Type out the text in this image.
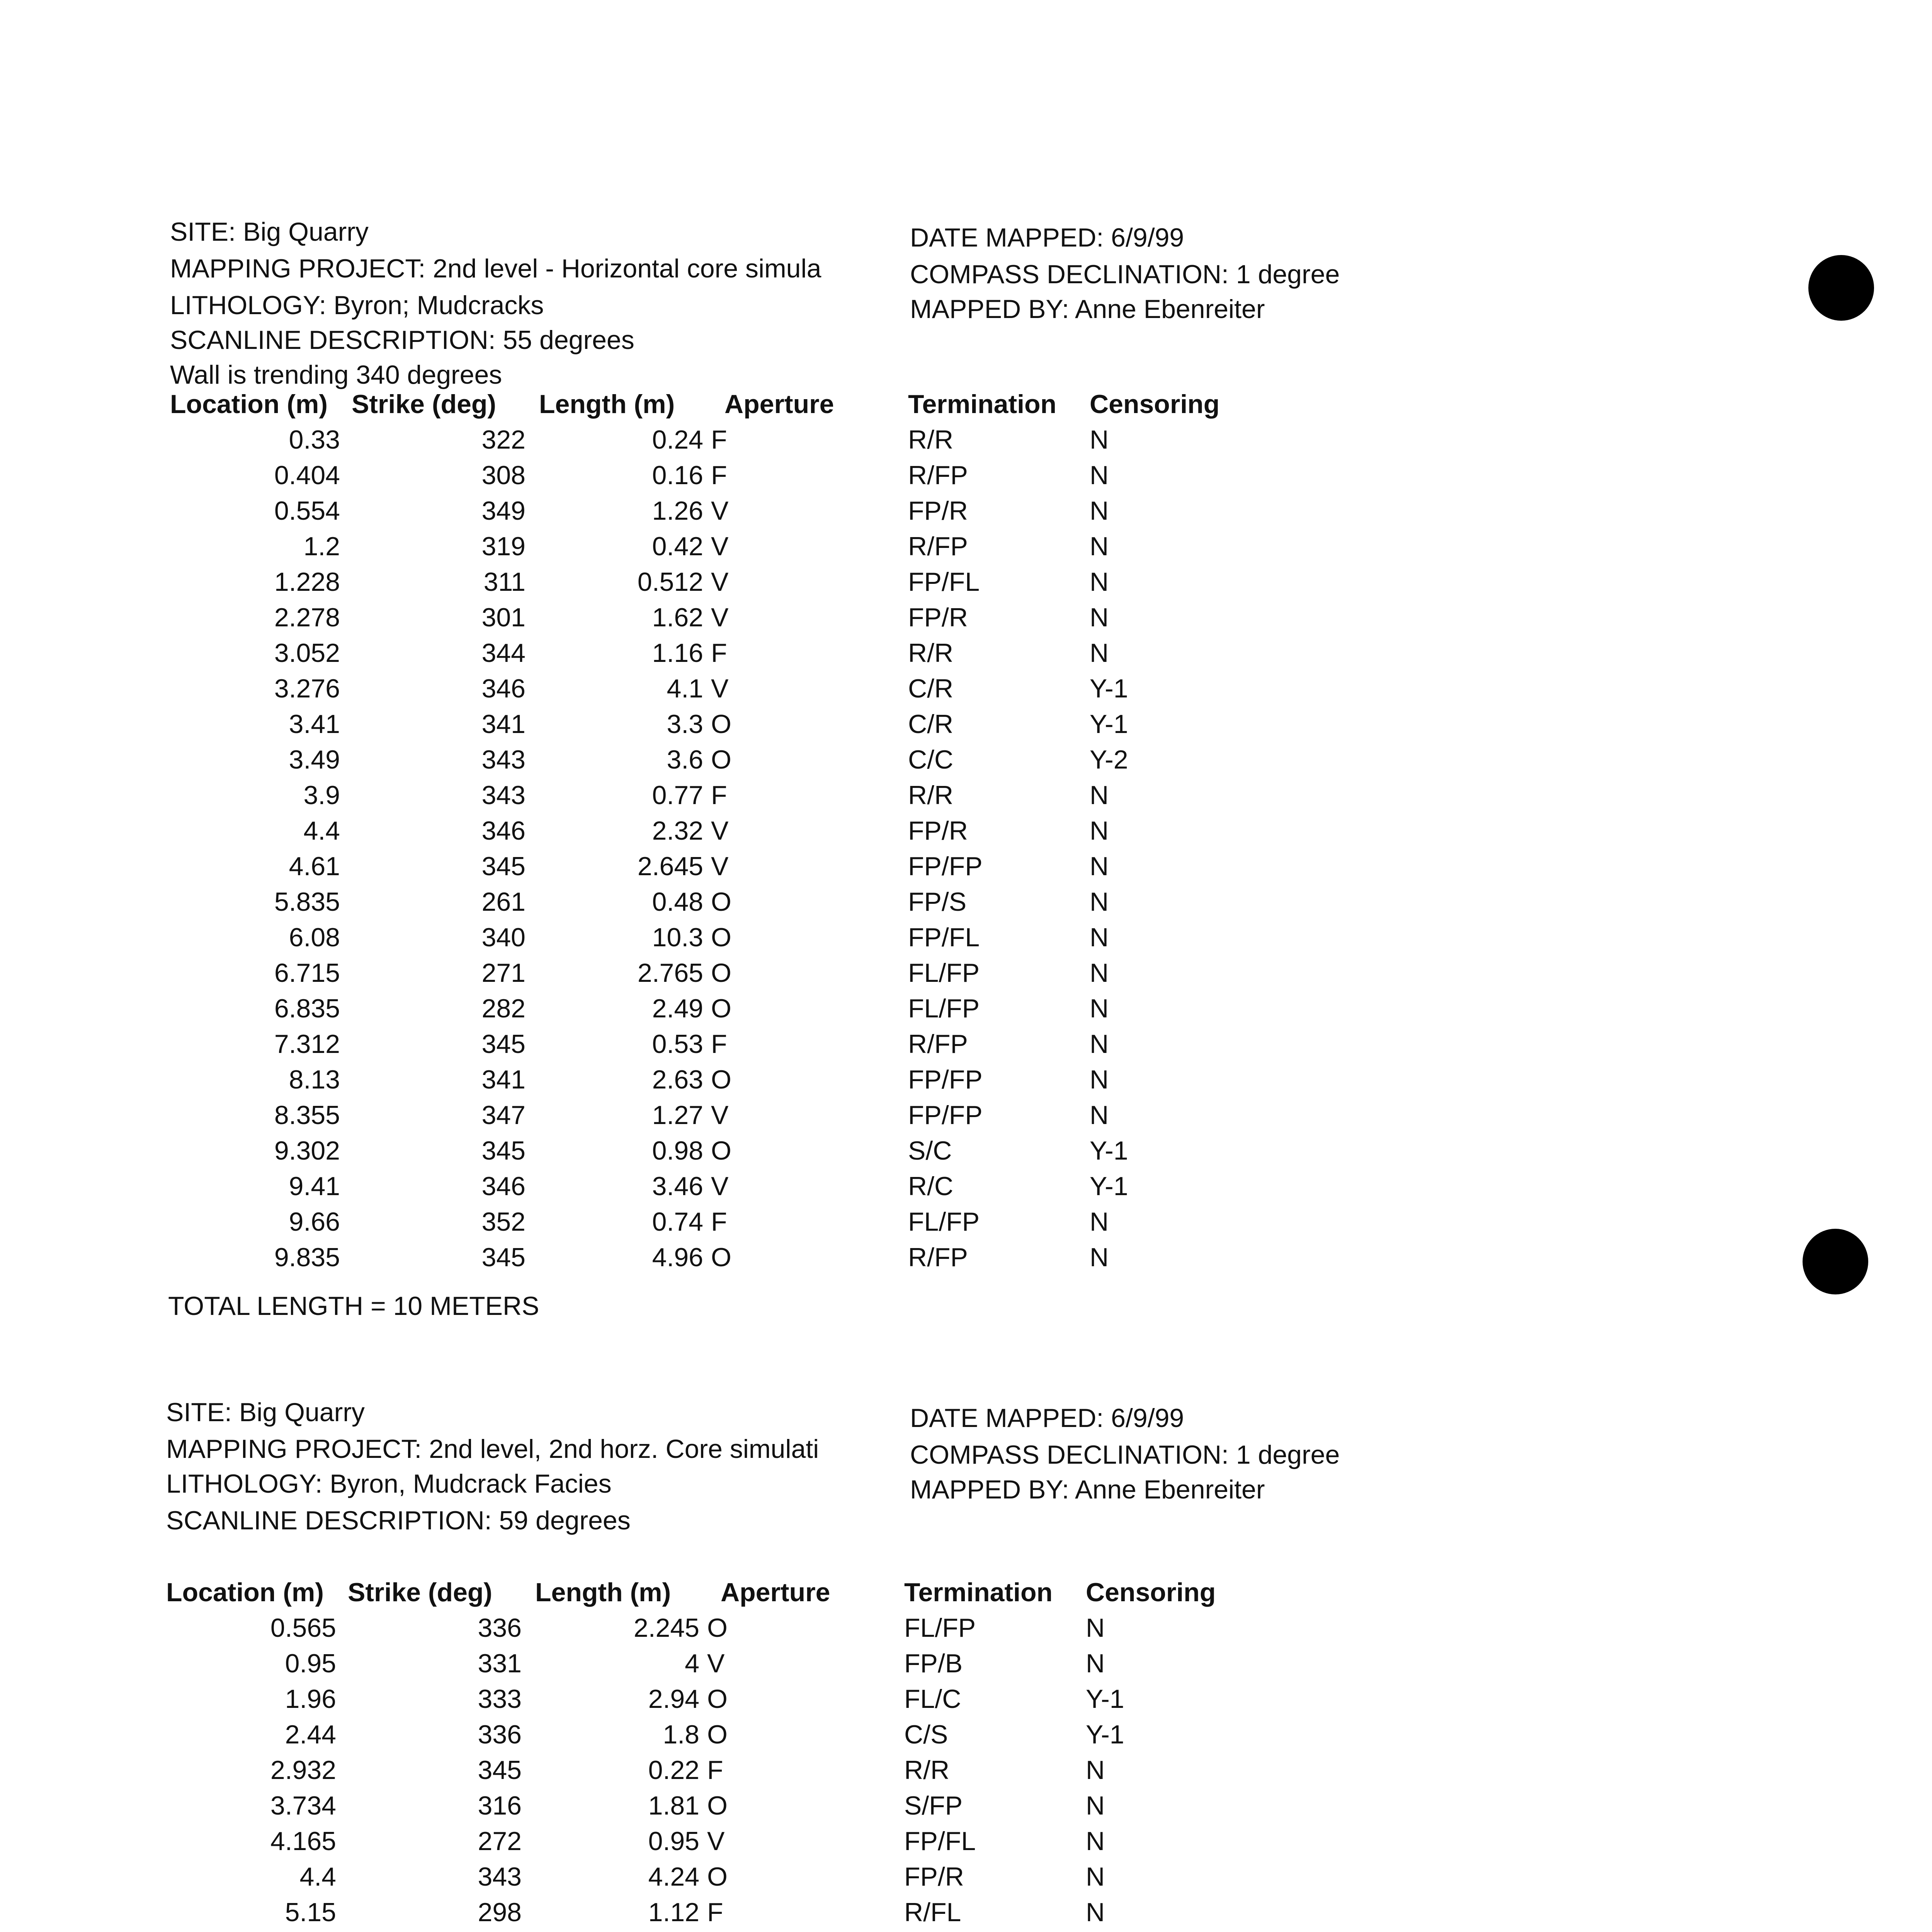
SITE: Big Quarry
MAPPING PROJECT: 2nd level - Horizontal core simula
LITHOLOGY: Byron; Mudcracks
SCANLINE DESCRIPTION: 55 degrees
Wall is trending 340 degrees
DATE MAPPED: 6/9/99
COMPASS DECLINATION: 1 degree
MAPPED BY: Anne Ebenreiter
Location (m) Strike (deg) Length (m) Aperture	Termination Censoring
0.33	322	0.24 F	R/R	N
0.404	308	0.16 F	R/FP	N
0.554	349	1.26 V	FP/R	N
1.2	319	0.42 V	R/FP	N
1.228	311	0.512 V	FP/FL	N
2.278	301	1.62 V	FP/R	N
3.052	344	1.16 F	R/R	N
3.276	346	4.1 V	C/R	Y-1
3.41	341	3.3 O	C/R	Y-1
3.49	343	3.6 O	C/C	Y-2
3.9	343	0.77 F	R/R	N
4.4	346	2.32 V	FP/R	N
4.61	345	2.645 V	FP/FP	N
5.835	261	0.48 O	FP/S	N
6.08	340	10.3 O	FP/FL	N
6.715	271	2.765 O	FL/FP	N
6.835	282	2.49 O	FL/FP	N
7.312	345	0.53 F	R/FP	N
8.13	341	2.63 O	FP/FP	N
8.355	347	1.27 V	FP/FP	N
9.302	345	0.98 O	S/C	Y-1
9.41	346	3.46 V	R/C	Y-1
9.66	352	0.74 F	FL/FP	N
9.835	345	4.96 O	R/FP	N
TOTAL LENGTH = 10 METERS
SITE: Big Quarry
MAPPING PROJECT: 2nd level, 2nd horz. Core simulati
LITHOLOGY: Byron, Mudcrack Facies
SCANLINE DESCRIPTION: 59 degrees
DATE MAPPED: 6/9/99
COMPASS DECLINATION: 1 degree
MAPPED BY: Anne Ebenreiter
Location (m) Strike (deg) Length (m) Aperture	Termination Censoring
0.565	336	2.245 O	FL/FP	N
0.95	331	4 V	FP/B	N
1.96	333	2.94 O	FL/C	Y-1
2.44	336	1.8 O	C/S	Y-1
2.932	345	0.22 F	R/R	N
3.734	316	1.81 O	S/FP	N
4.165	272	0.95 V	FP/FL	N
4.4	343	4.24 O	FP/R	N
5.15	298	1.12 F	R/FL	N
